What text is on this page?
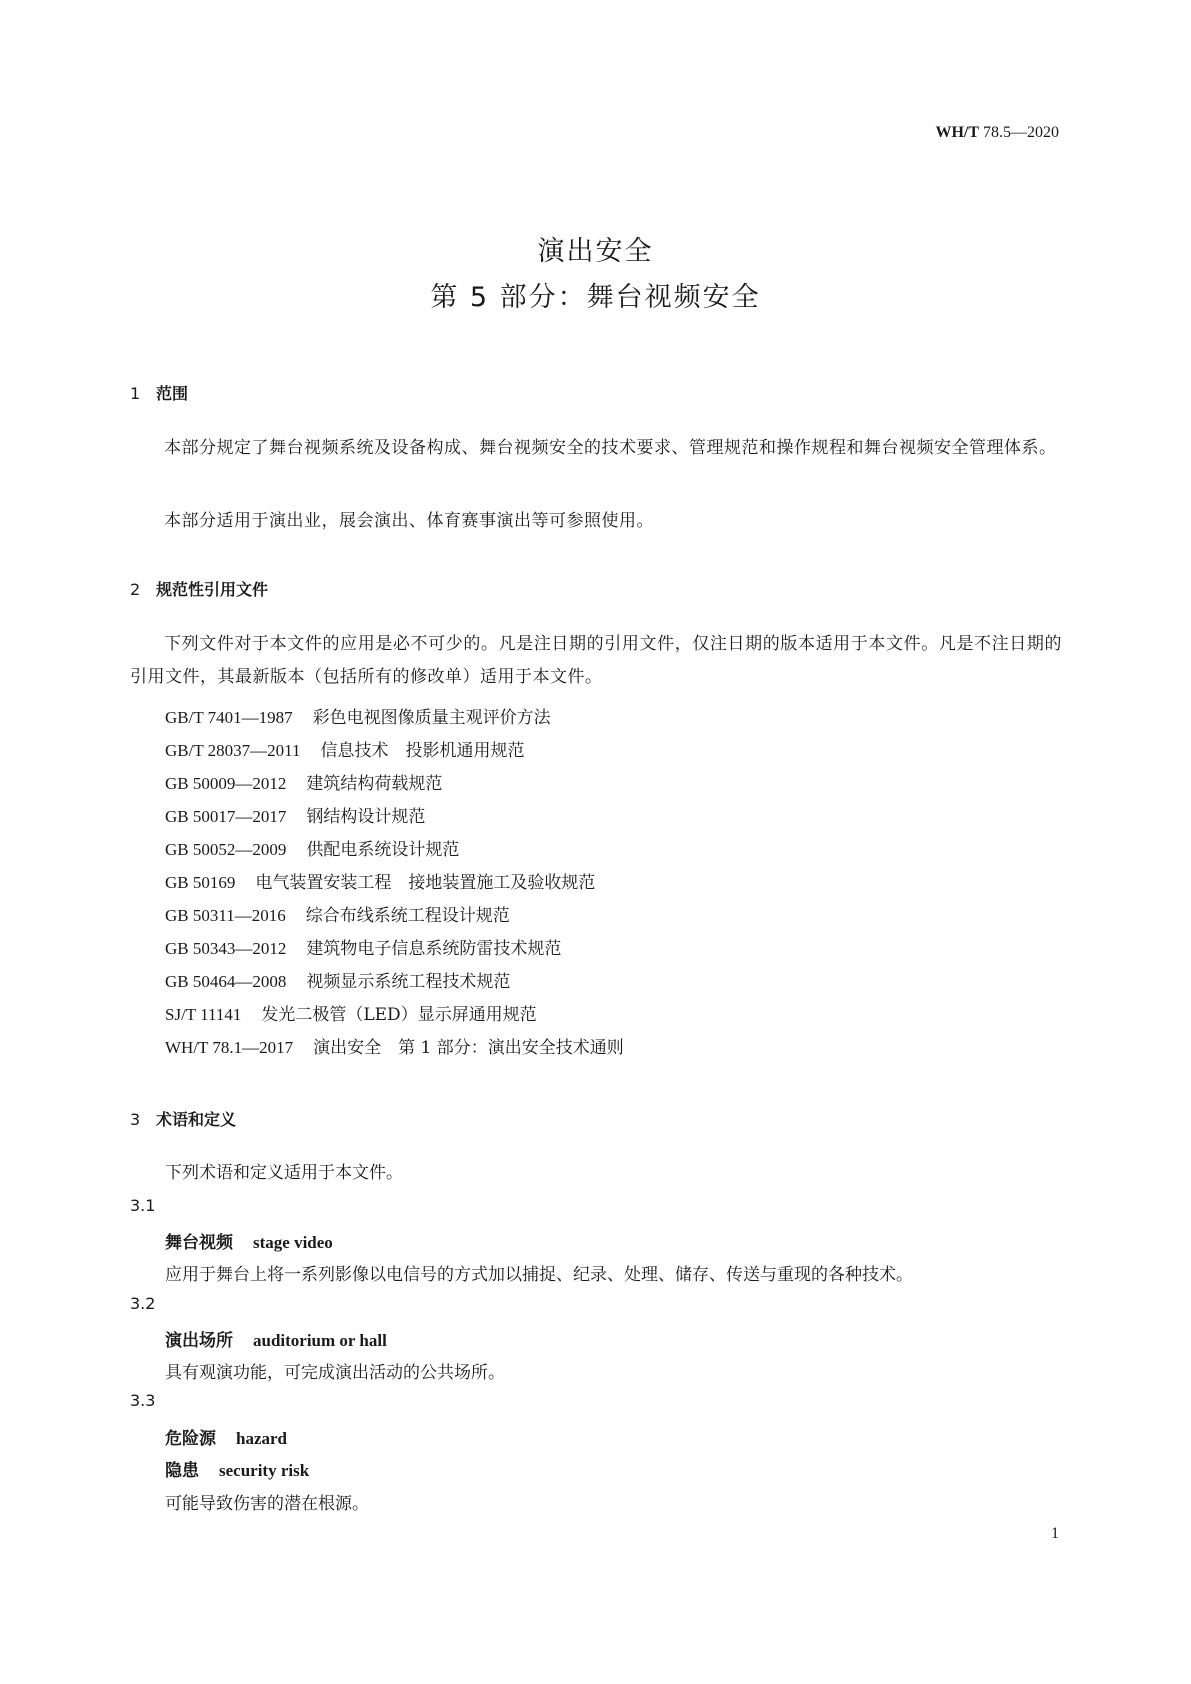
WH/T 78.5—2020
演出安全
第 5 部分：舞台视频安全
1 范围
本部分规定了舞台视频系统及设备构成、舞台视频安全的技术要求、管理规范和操作规程和舞台视频安全管理体系。
本部分适用于演出业，展会演出、体育赛事演出等可参照使用。
2 规范性引用文件
下列文件对于本文件的应用是必不可少的。凡是注日期的引用文件，仅注日期的版本适用于本文件。凡是不注日期的引用文件，其最新版本（包括所有的修改单）适用于本文件。
GB/T 7401—1987 彩色电视图像质量主观评价方法
GB/T 28037—2011 信息技术　投影机通用规范
GB 50009—2012 建筑结构荷载规范
GB 50017—2017 钢结构设计规范
GB 50052—2009 供配电系统设计规范
GB 50169 电气装置安装工程　接地装置施工及验收规范
GB 50311—2016 综合布线系统工程设计规范
GB 50343—2012 建筑物电子信息系统防雷技术规范
GB 50464—2008 视频显示系统工程技术规范
SJ/T 11141 发光二极管（LED）显示屏通用规范
WH/T 78.1—2017 演出安全　第 1 部分：演出安全技术通则
3 术语和定义
下列术语和定义适用于本文件。
3.1
舞台视频 stage video
应用于舞台上将一系列影像以电信号的方式加以捕捉、纪录、处理、储存、传送与重现的各种技术。
3.2
演出场所 auditorium or hall
具有观演功能，可完成演出活动的公共场所。
3.3
危险源 hazard
隐患 security risk
可能导致伤害的潜在根源。
1
